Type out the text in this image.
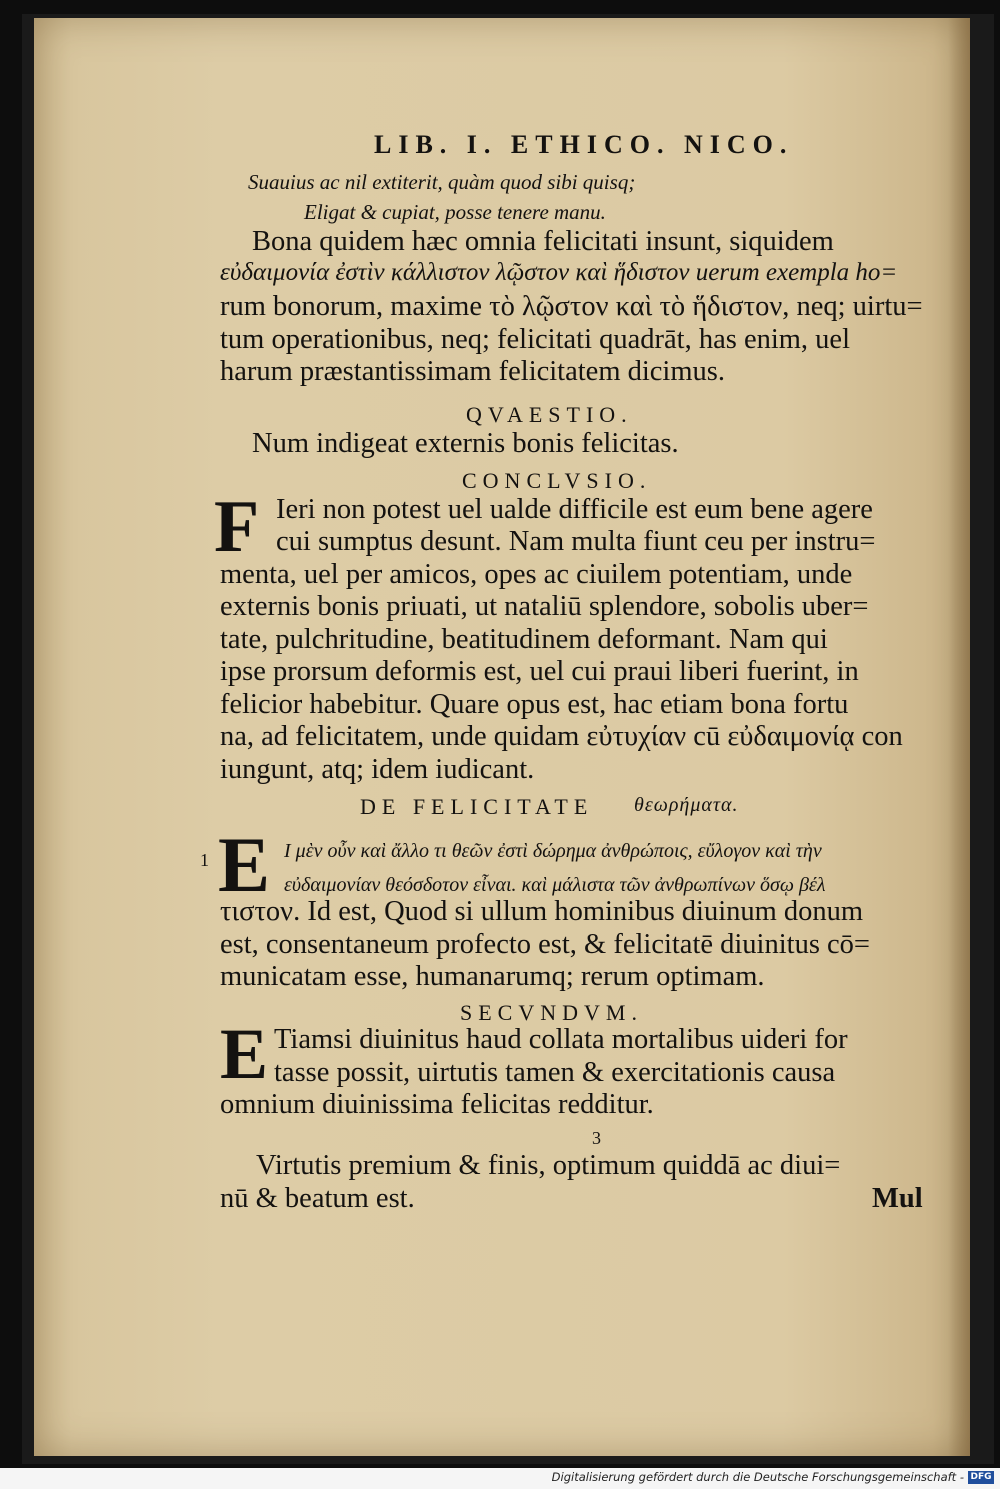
LIB. I. ETHICO. NICO.
Suauius ac nil extiterit, quàm quod sibi quisq;
Eligat & cupiat, posse tenere manu.
Bona quidem hæc omnia felicitati insunt, siquidem
εὐδαιμονία ἐστὶν κάλλιστον λῷστον καὶ ἥδιστον uerum exempla ho=
rum bonorum, maxime τὸ λῷστον καὶ τὸ ἥδιστον, neq; uirtu=
tum operationibus, neq; felicitati quadrāt, has enim, uel
harum præstantissimam felicitatem dicimus.
QVAESTIO.
Num indigeat externis bonis felicitas.
CONCLVSIO.
F Ieri non potest uel ualde difficile est eum bene agere
cui sumptus desunt. Nam multa fiunt ceu per instru=
menta, uel per amicos, opes ac ciuilem potentiam, unde
externis bonis priuati, ut nataliū splendore, sobolis uber=
tate, pulchritudine, beatitudinem deformant. Nam qui
ipse prorsum deformis est, uel cui praui liberi fuerint, in
felicior habebitur. Quare opus est, hac etiam bona fortu
na, ad felicitatem, unde quidam εὐτυχίαν cū εὐδαιμονίᾳ con
iungunt, atq; idem iudicant.
DE FELICITATE θεωρήματα.
1 E I μὲν οὖν καὶ ἄλλο τι θεῶν ἐστὶ δώρημα ἀνθρώποις, εὔλογον καὶ τὴν
εὐδαιμονίαν θεόσδοτον εἶναι. καὶ μάλιστα τῶν ἀνθρωπίνων ὅσῳ βέλ
τιστον. Id est, Quod si ullum hominibus diuinum donum
est, consentaneum profecto est, & felicitatē diuinitus cō=
municatam esse, humanarumq; rerum optimam.
SECVNDVM.
E Tiamsi diuinitus haud collata mortalibus uideri for
tasse possit, uirtutis tamen & exercitationis causa
omnium diuinissima felicitas redditur.
3
Virtutis premium & finis, optimum quiddā ac diui=
nū & beatum est.	Mul
Digitalisierung gefördert durch die Deutsche Forschungsgemeinschaft - DFG
